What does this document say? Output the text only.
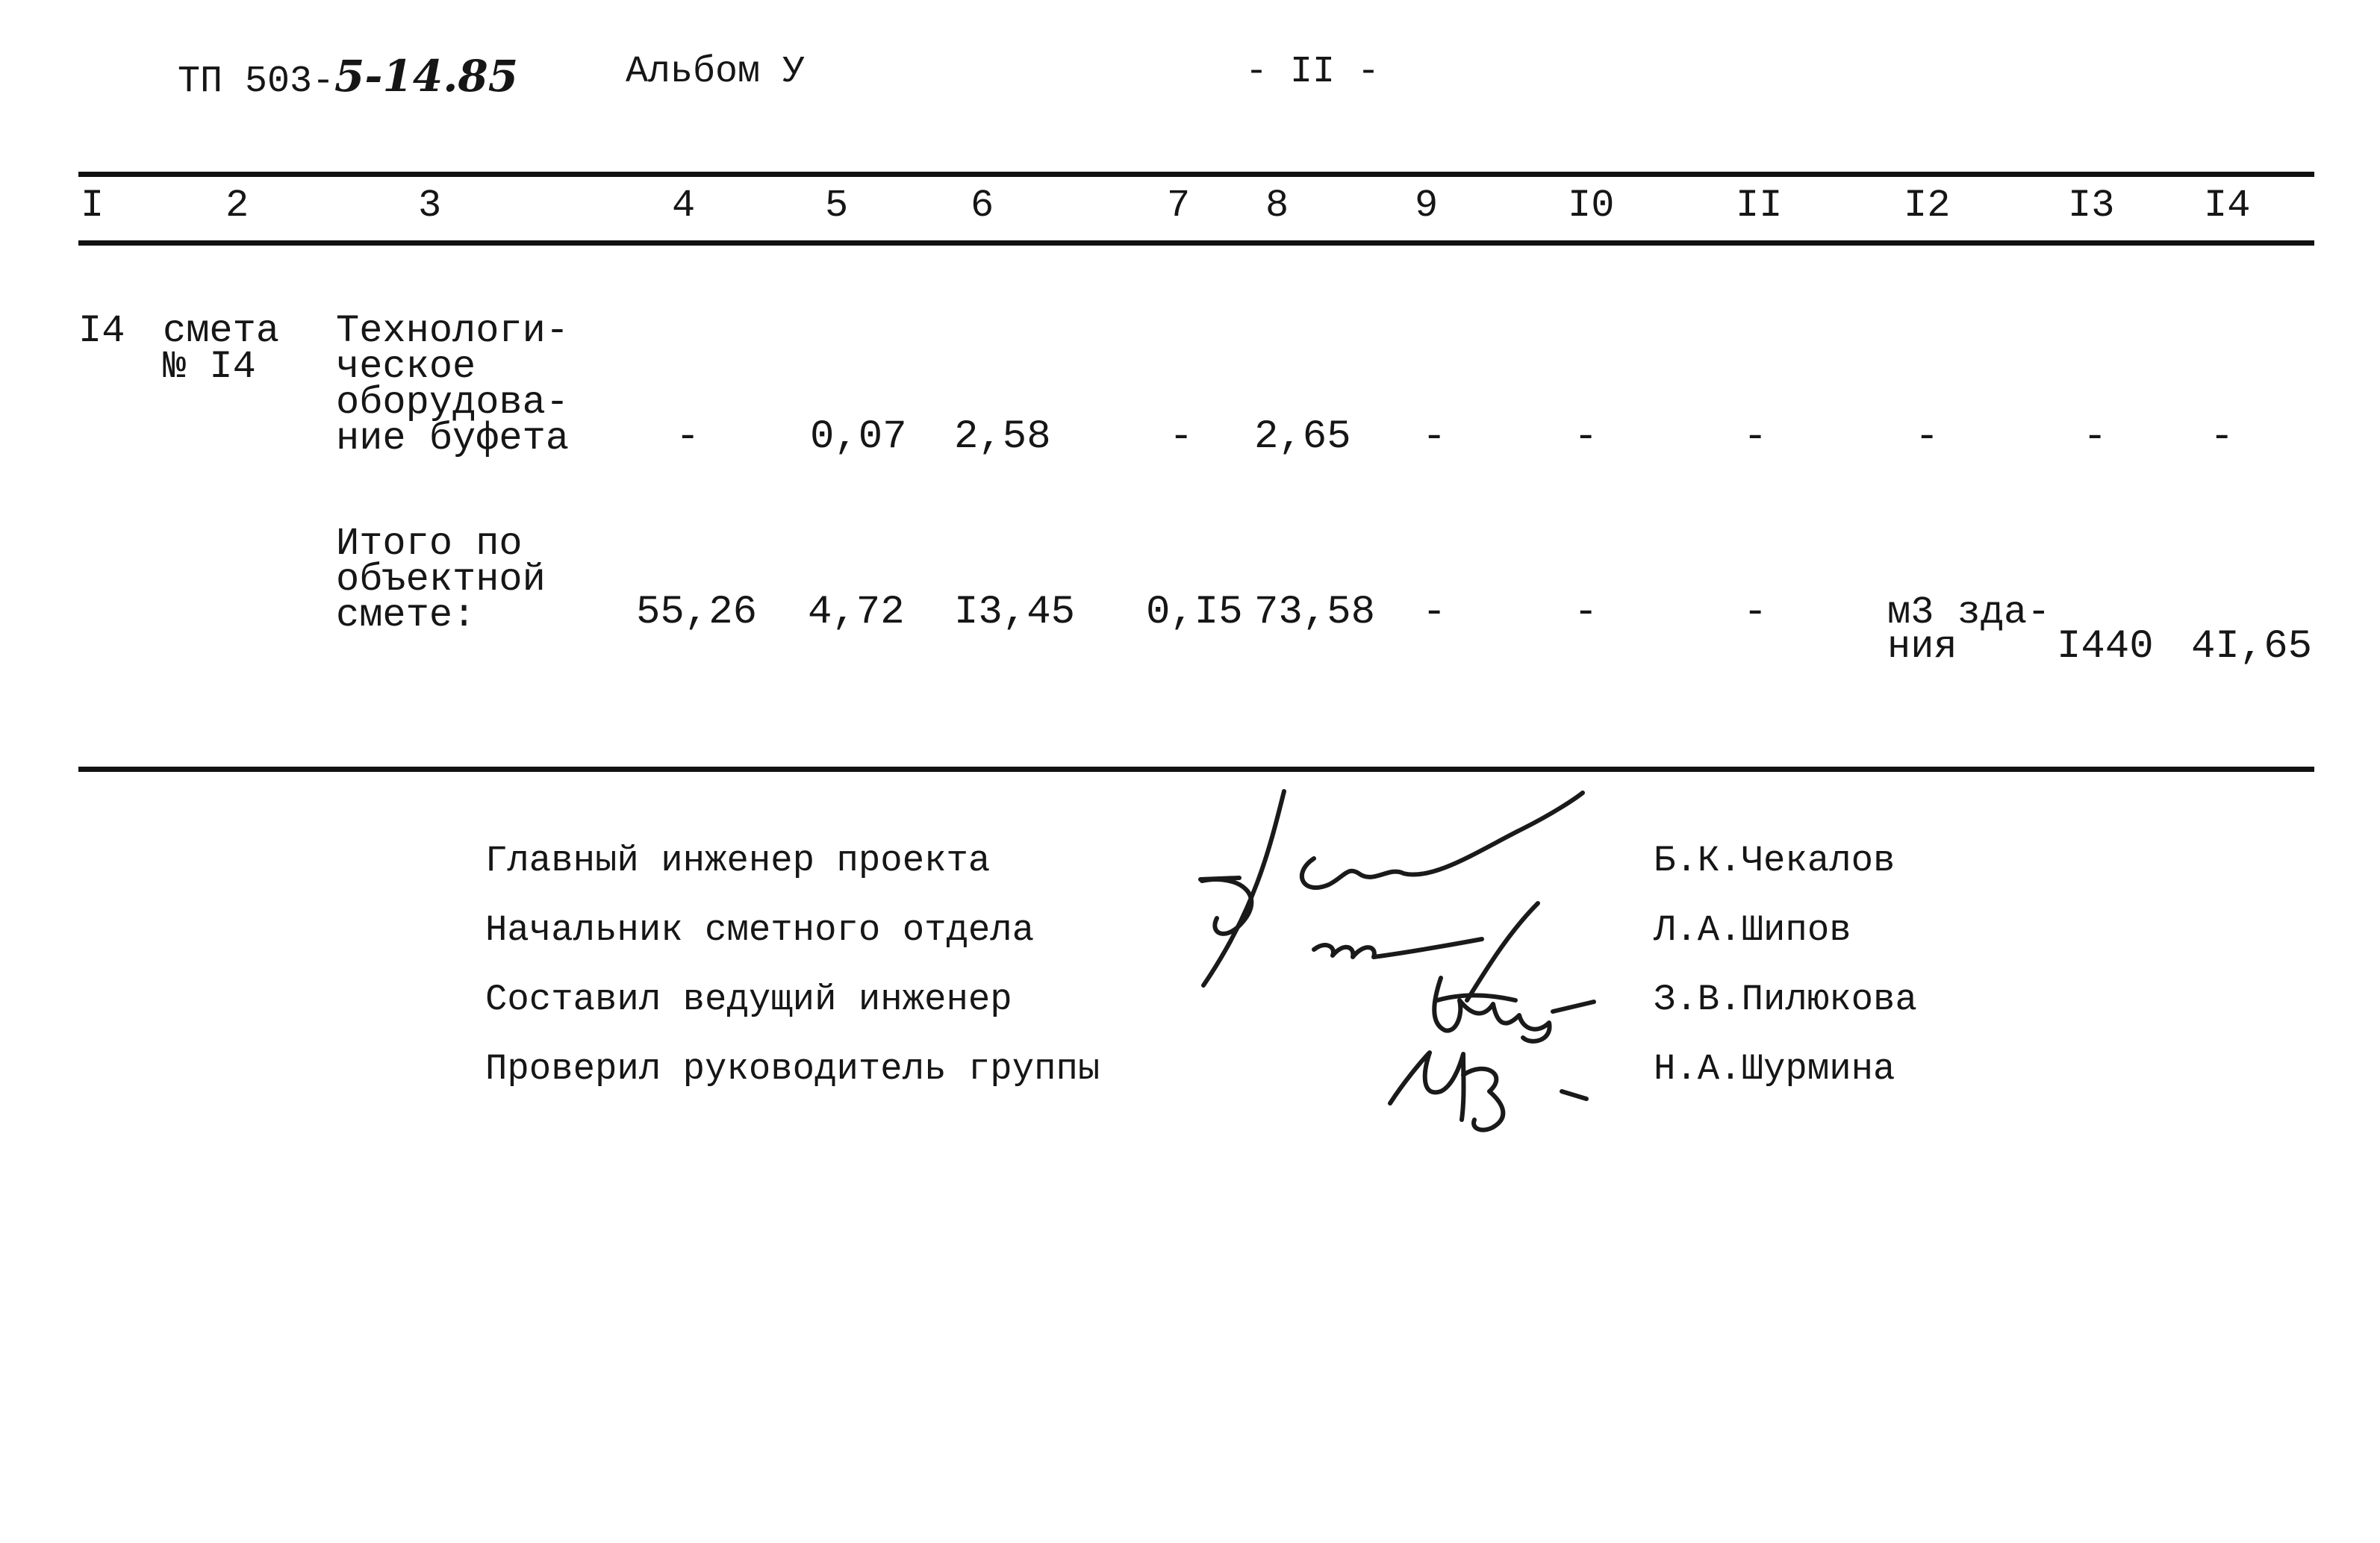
ТП 503-5-14.85	Альбом У	- II -
I	2	3	4	5	6	7 8	9	I0	II	I2	I3 I4
I4 смета
№ I4
Технологи-
ческое
оборудова-
ние буфета	-	0,07 2,58	- 2,65 -	-	-	-	-	-
Итого по
объектной
смете:	55,26 4,72 I3,45 0,I5 73,58 -	-	-	м3 зда-
ния I440 4I,65
Главный инженер проекта	Б.К.Чекалов
Начальник сметного отдела	Л.А.Шипов
Составил ведущий инженер	З.В.Пилюкова
Проверил руководитель группы	Н.А.Шурмина
